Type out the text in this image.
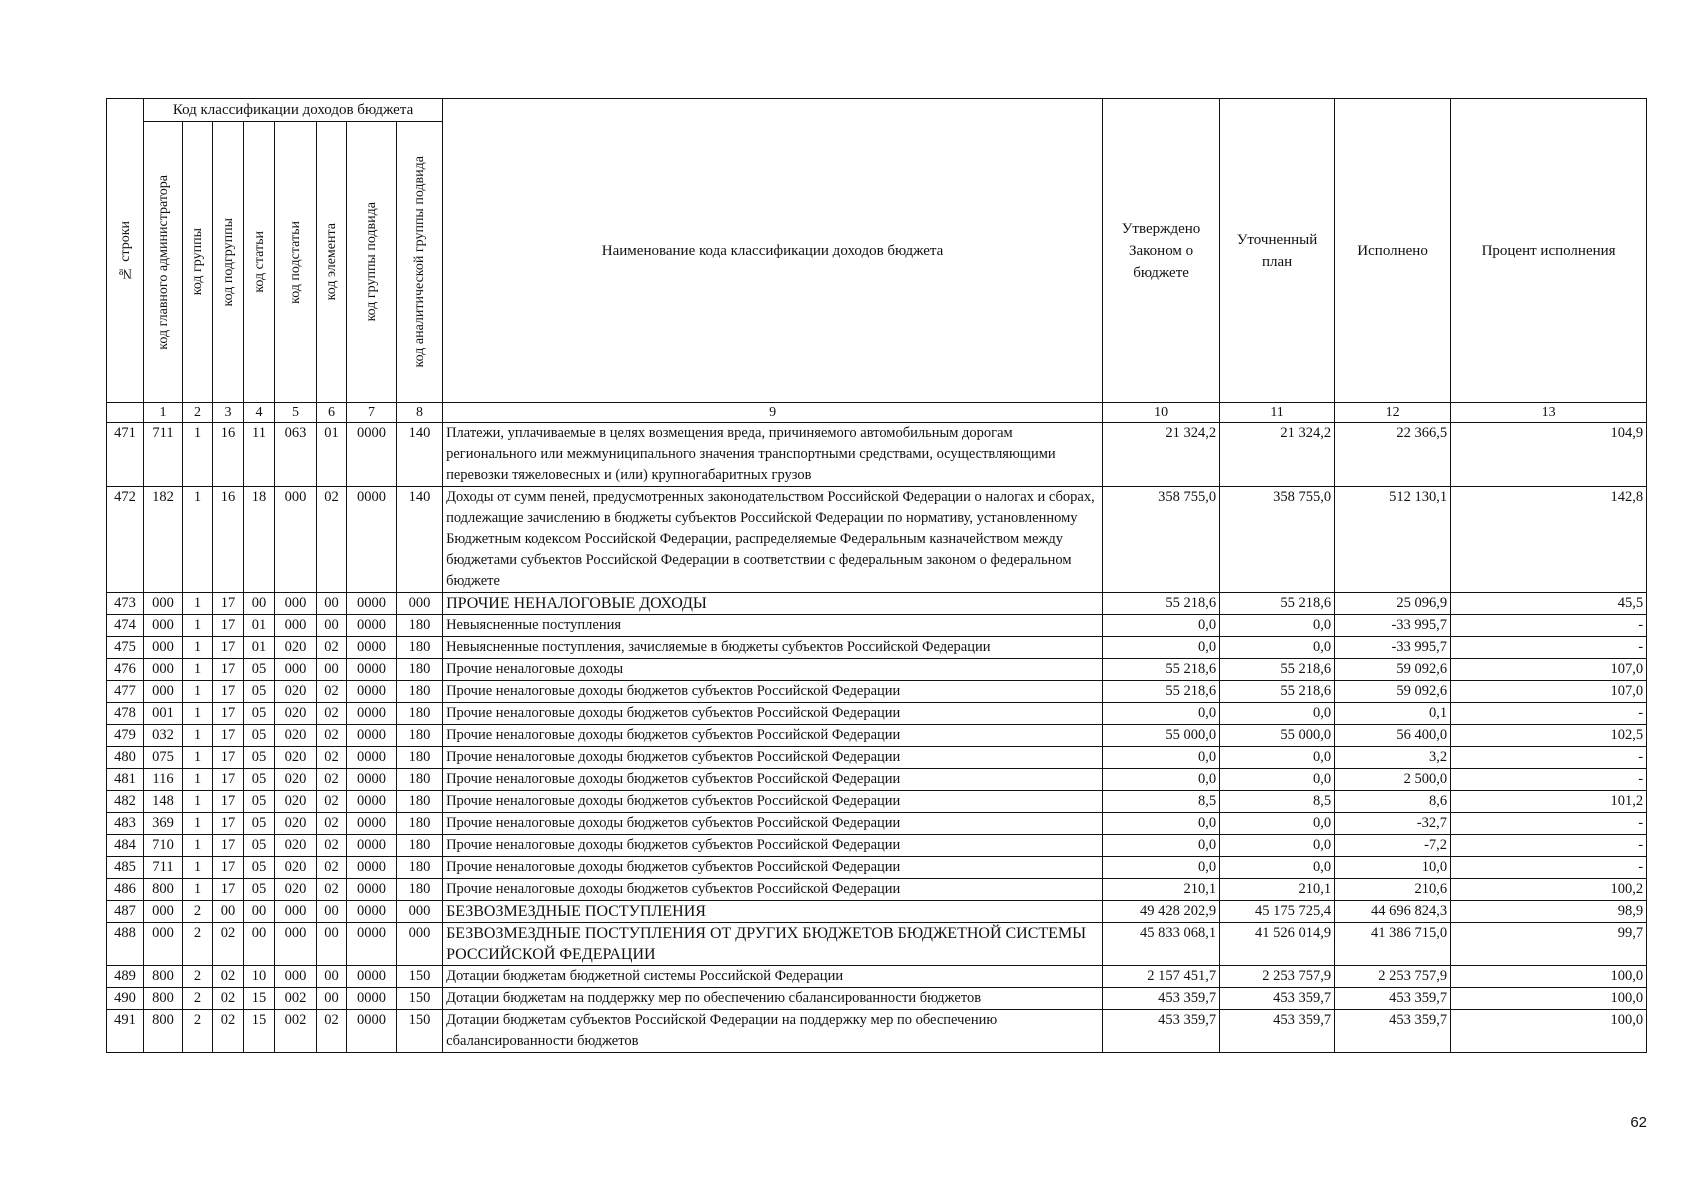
№ строки	Код классификации доходов бюджета								Наименование кода классификации доходов бюджета	Утверждено Законом о бюджете	Уточненный план	Исполнено	Процент исполнения

	код главного администратора	код группы	код подгруппы	код статьи	код подстатьи	код элемента	код группы подвида	код аналитической группы подвида					

	1	2	3	4	5	6	7	8	9	10	11	12	13
471	711	1	16	11	063	01	0000	140	Платежи, уплачиваемые в целях возмещения вреда, причиняемого автомобильным дорогам регионального или межмуниципального значения транспортными средствами, осуществляющими перевозки тяжеловесных и (или) крупногабаритных грузов	21 324,2	21 324,2	22 366,5	104,9
472	182	1	16	18	000	02	0000	140	Доходы от сумм пеней, предусмотренных законодательством Российской Федерации о налогах и сборах, подлежащие зачислению в бюджеты субъектов Российской Федерации по нормативу, установленному Бюджетным кодексом Российской Федерации, распределяемые Федеральным казначейством между бюджетами субъектов Российской Федерации в соответствии с федеральным законом о федеральном бюджете	358 755,0	358 755,0	512 130,1	142,8
473	000	1	17	00	000	00	0000	000	ПРОЧИЕ НЕНАЛОГОВЫЕ ДОХОДЫ	55 218,6	55 218,6	25 096,9	45,5
474	000	1	17	01	000	00	0000	180	Невыясненные поступления	0,0	0,0	-33 995,7	-
475	000	1	17	01	020	02	0000	180	Невыясненные поступления, зачисляемые в бюджеты субъектов Российской Федерации	0,0	0,0	-33 995,7	-
476	000	1	17	05	000	00	0000	180	Прочие неналоговые доходы	55 218,6	55 218,6	59 092,6	107,0
477	000	1	17	05	020	02	0000	180	Прочие неналоговые доходы бюджетов субъектов Российской Федерации	55 218,6	55 218,6	59 092,6	107,0
478	001	1	17	05	020	02	0000	180	Прочие неналоговые доходы бюджетов субъектов Российской Федерации	0,0	0,0	0,1	-
479	032	1	17	05	020	02	0000	180	Прочие неналоговые доходы бюджетов субъектов Российской Федерации	55 000,0	55 000,0	56 400,0	102,5
480	075	1	17	05	020	02	0000	180	Прочие неналоговые доходы бюджетов субъектов Российской Федерации	0,0	0,0	3,2	-
481	116	1	17	05	020	02	0000	180	Прочие неналоговые доходы бюджетов субъектов Российской Федерации	0,0	0,0	2 500,0	-
482	148	1	17	05	020	02	0000	180	Прочие неналоговые доходы бюджетов субъектов Российской Федерации	8,5	8,5	8,6	101,2
483	369	1	17	05	020	02	0000	180	Прочие неналоговые доходы бюджетов субъектов Российской Федерации	0,0	0,0	-32,7	-
484	710	1	17	05	020	02	0000	180	Прочие неналоговые доходы бюджетов субъектов Российской Федерации	0,0	0,0	-7,2	-
485	711	1	17	05	020	02	0000	180	Прочие неналоговые доходы бюджетов субъектов Российской Федерации	0,0	0,0	10,0	-
486	800	1	17	05	020	02	0000	180	Прочие неналоговые доходы бюджетов субъектов Российской Федерации	210,1	210,1	210,6	100,2
487	000	2	00	00	000	00	0000	000	БЕЗВОЗМЕЗДНЫЕ ПОСТУПЛЕНИЯ	49 428 202,9	45 175 725,4	44 696 824,3	98,9
488	000	2	02	00	000	00	0000	000	БЕЗВОЗМЕЗДНЫЕ ПОСТУПЛЕНИЯ ОТ ДРУГИХ БЮДЖЕТОВ БЮДЖЕТНОЙ СИСТЕМЫ РОССИЙСКОЙ ФЕДЕРАЦИИ	45 833 068,1	41 526 014,9	41 386 715,0	99,7
489	800	2	02	10	000	00	0000	150	Дотации бюджетам бюджетной системы Российской Федерации	2 157 451,7	2 253 757,9	2 253 757,9	100,0
490	800	2	02	15	002	00	0000	150	Дотации бюджетам на поддержку мер по обеспечению сбалансированности бюджетов	453 359,7	453 359,7	453 359,7	100,0
491	800	2	02	15	002	02	0000	150	Дотации бюджетам субъектов Российской Федерации на поддержку мер по обеспечению сбалансированности бюджетов	453 359,7	453 359,7	453 359,7	100,0
62
